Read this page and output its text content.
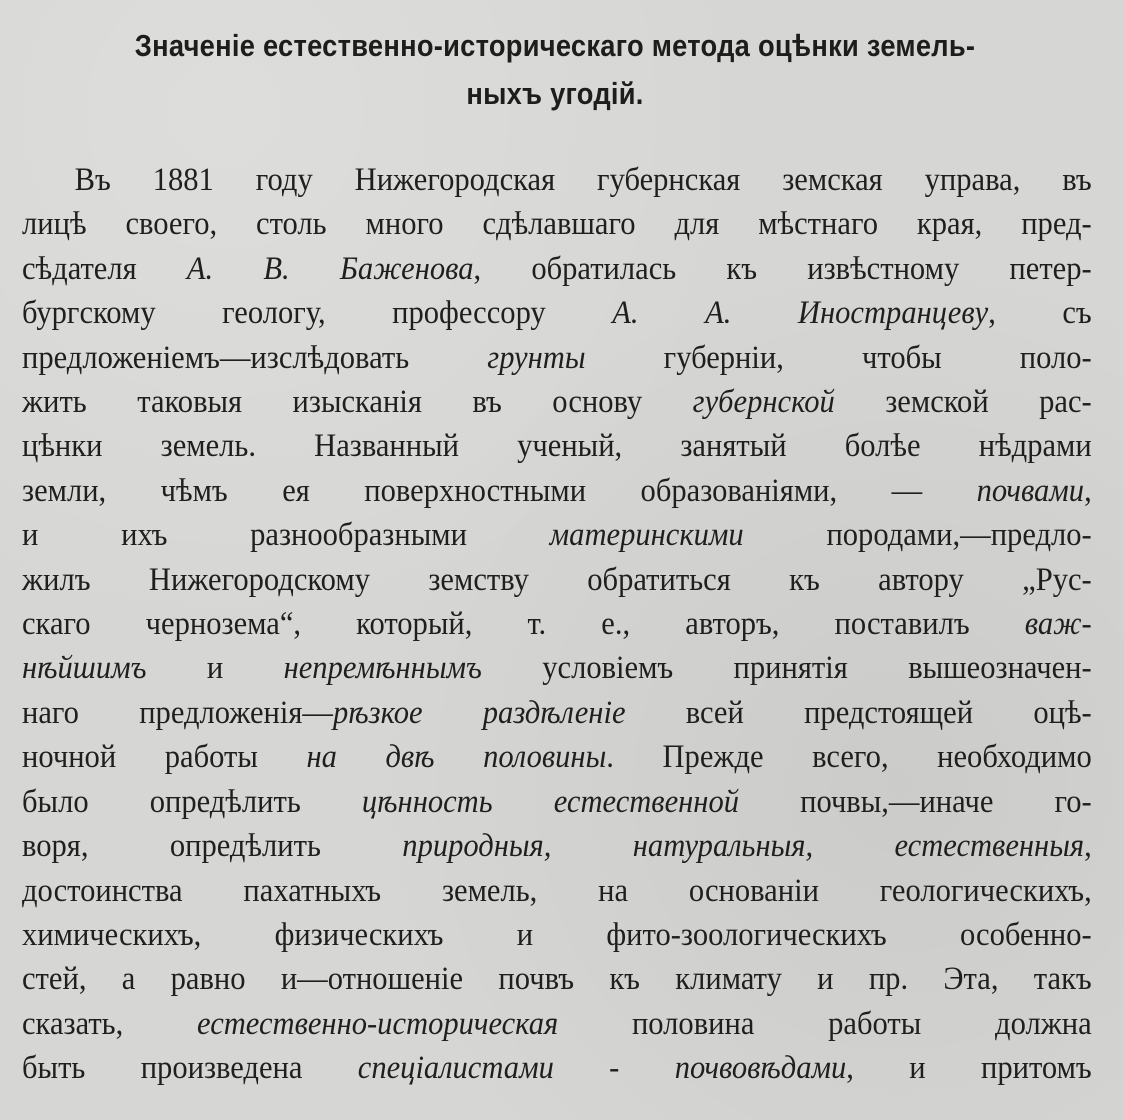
Значеніе естественно-историческаго метода оцѣнки земель-
ныхъ угодій.
Въ 1881 году Нижегородская губернская земская управа, въ
лицѣ своего, столь много сдѣлавшаго для мѣстнаго края, пред-
сѣдателя А. В. Баженова, обратилась къ извѣстному петер-
бургскому геологу, профессору А. А. Иностранцеву, съ
предложеніемъ—изслѣдовать грунты губерніи, чтобы поло-
жить таковыя изысканія въ основу губернской земской рас-
цѣнки земель. Названный ученый, занятый болѣе нѣдрами
земли, чѣмъ ея поверхностными образованіями, — почвами,
и ихъ разнообразными материнскими породами,—предло-
жилъ Нижегородскому земству обратиться къ автору „Рус-
скаго чернозема“, который, т. е., авторъ, поставилъ важ-
нѣйшимъ и непремѣннымъ условіемъ принятія вышеозначен-
наго предложенія—рѣзкое раздѣленіе всей предстоящей оцѣ-
ночной работы на двѣ половины. Прежде всего, необходимо
было опредѣлить цѣнность естественной почвы,—иначе го-
воря, опредѣлить природныя, натуральныя, естественныя,
достоинства пахатныхъ земель, на основаніи геологическихъ,
химическихъ, физическихъ и фито-зоологическихъ особенно-
стей, а равно и—отношеніе почвъ къ климату и пр. Эта, такъ
сказать, естественно-историческая половина работы должна
быть произведена спеціалистами - почвовѣдами, и притомъ
